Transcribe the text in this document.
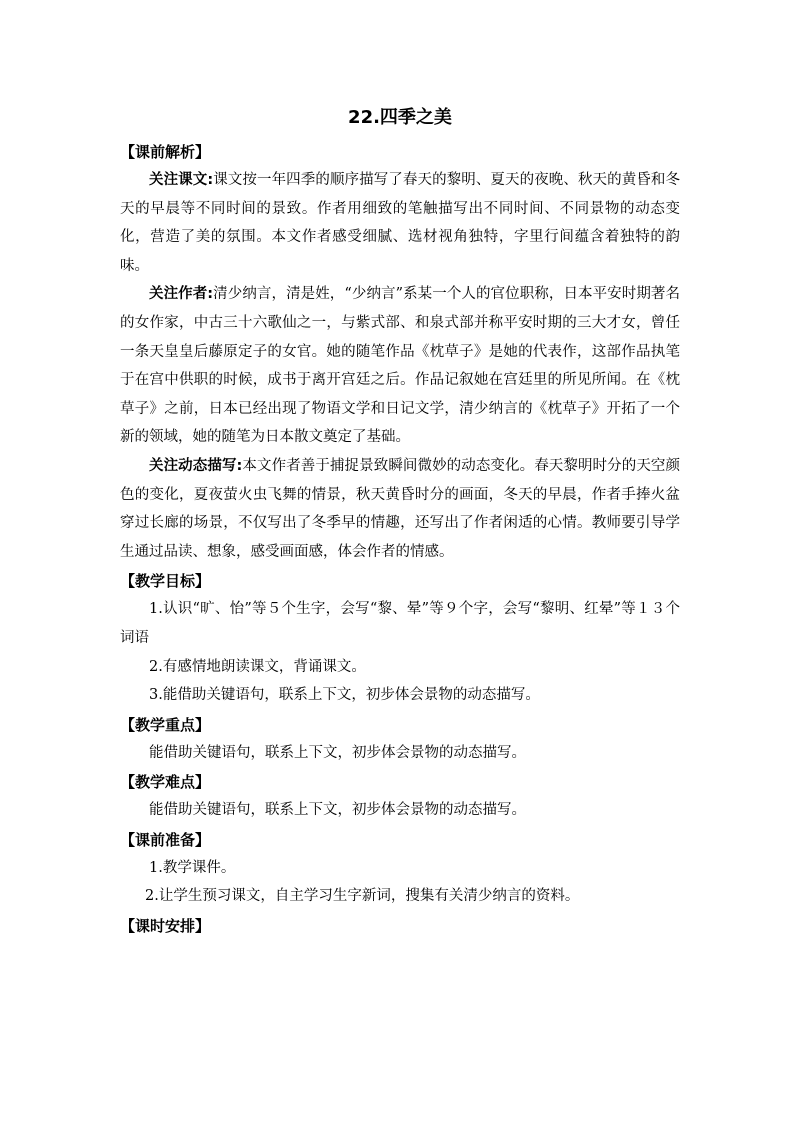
22.四季之美

【课前解析】

关注课文:课文按一年四季的顺序描写了春天的黎明、夏天的夜晚、秋天的黄昏和冬天的早晨等不同时间的景致。作者用细致的笔触描写出不同时间、不同景物的动态变化，营造了美的氛围。本文作者感受细腻、选材视角独特，字里行间蕴含着独特的韵味。

关注作者:清少纳言，清是姓，“少纳言”系某一个人的官位职称，日本平安时期著名的女作家，中古三十六歌仙之一，与紫式部、和泉式部并称平安时期的三大才女，曾任一条天皇皇后藤原定子的女官。她的随笔作品《枕草子》是她的代表作，这部作品执笔于在宫中供职的时候，成书于离开宫廷之后。作品记叙她在宫廷里的所见所闻。在《枕草子》之前，日本已经出现了物语文学和日记文学，清少纳言的《枕草子》开拓了一个新的领域，她的随笔为日本散文奠定了基础。

关注动态描写:本文作者善于捕捉景致瞬间微妙的动态变化。春天黎明时分的天空颜色的变化，夏夜萤火虫飞舞的情景，秋天黄昏时分的画面，冬天的早晨，作者手捧火盆穿过长廊的场景，不仅写出了冬季早的情趣，还写出了作者闲适的心情。教师要引导学生通过品读、想象，感受画面感，体会作者的情感。

【教学目标】

1.认识“旷、怡”等５个生字，会写“黎、晕”等９个字，会写“黎明、红晕”等１３个词语

2.有感情地朗读课文，背诵课文。

3.能借助关键语句，联系上下文，初步体会景物的动态描写。

【教学重点】

能借助关键语句，联系上下文，初步体会景物的动态描写。

【教学难点】

能借助关键语句，联系上下文，初步体会景物的动态描写。

【课前准备】

1.教学课件。

2.让学生预习课文，自主学习生字新词，搜集有关清少纳言的资料。

【课时安排】
